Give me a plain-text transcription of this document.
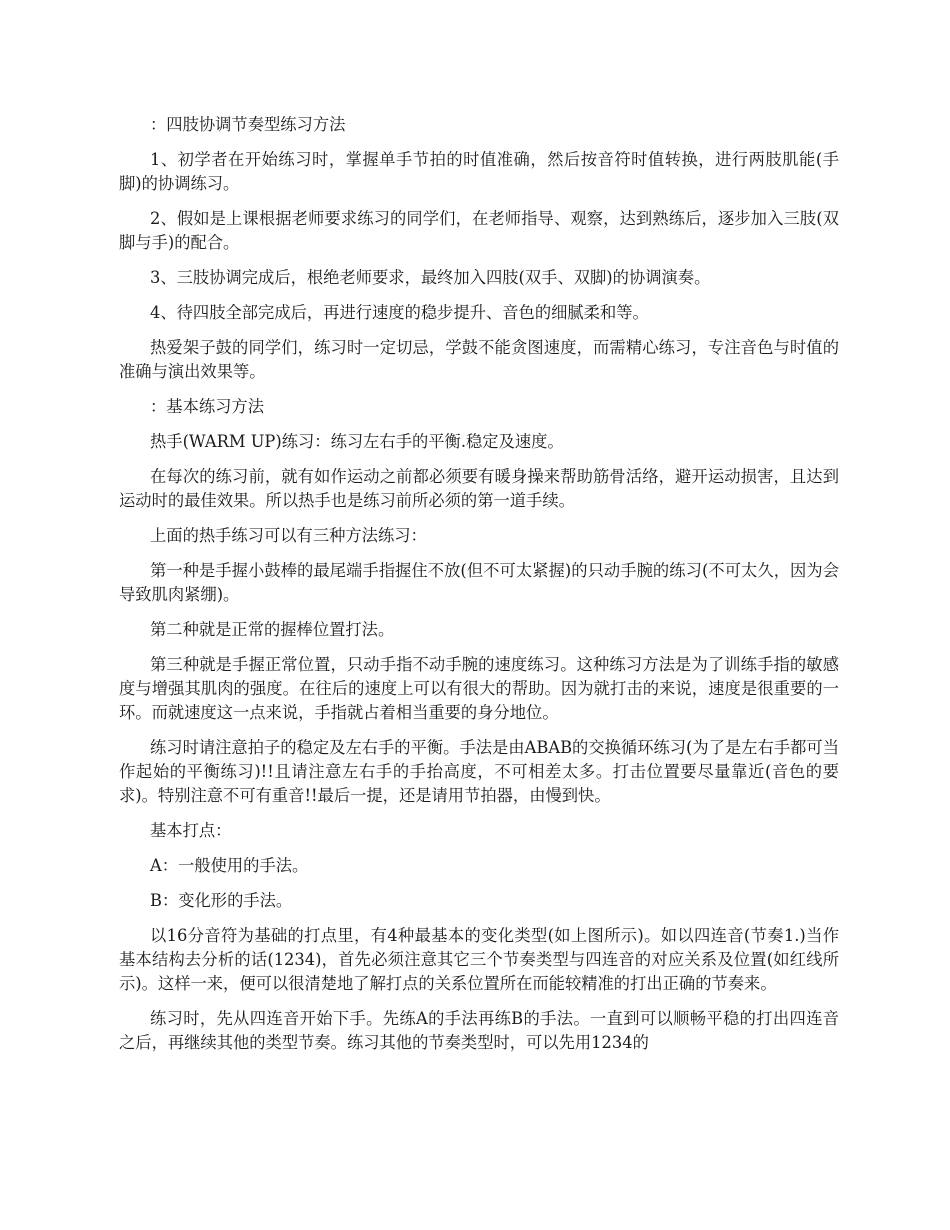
：四肢协调节奏型练习方法

1、初学者在开始练习时，掌握单手节拍的时值准确，然后按音符时值转换，进行两肢肌能(手脚)的协调练习。

2、假如是上课根据老师要求练习的同学们，在老师指导、观察，达到熟练后，逐步加入三肢(双脚与手)的配合。

3、三肢协调完成后，根绝老师要求，最终加入四肢(双手、双脚)的协调演奏。

4、待四肢全部完成后，再进行速度的稳步提升、音色的细腻柔和等。

热爱架子鼓的同学们，练习时一定切忌，学鼓不能贪图速度，而需精心练习，专注音色与时值的准确与演出效果等。

：基本练习方法

热手(WARM UP)练习：练习左右手的平衡.稳定及速度。

在每次的练习前，就有如作运动之前都必须要有暖身操来帮助筋骨活络，避开运动损害，且达到运动时的最佳效果。所以热手也是练习前所必须的第一道手续。

上面的热手练习可以有三种方法练习：

第一种是手握小鼓棒的最尾端手指握住不放(但不可太紧握)的只动手腕的练习(不可太久，因为会导致肌肉紧绷)。

第二种就是正常的握棒位置打法。

第三种就是手握正常位置，只动手指不动手腕的速度练习。这种练习方法是为了训练手指的敏感度与增强其肌肉的强度。在往后的速度上可以有很大的帮助。因为就打击的来说，速度是很重要的一环。而就速度这一点来说，手指就占着相当重要的身分地位。

练习时请注意拍子的稳定及左右手的平衡。手法是由ABAB的交换循环练习(为了是左右手都可当作起始的平衡练习)!!且请注意左右手的手抬高度，不可相差太多。打击位置要尽量靠近(音色的要求)。特别注意不可有重音!!最后一提，还是请用节拍器，由慢到快。

基本打点：

A：一般使用的手法。

B：变化形的手法。

以16分音符为基础的打点里，有4种最基本的变化类型(如上图所示)。如以四连音(节奏1.)当作基本结构去分析的话(1234)，首先必须注意其它三个节奏类型与四连音的对应关系及位置(如红线所示)。这样一来，便可以很清楚地了解打点的关系位置所在而能较精准的打出正确的节奏来。

练习时，先从四连音开始下手。先练A的手法再练B的手法。一直到可以顺畅平稳的打出四连音之后，再继续其他的类型节奏。练习其他的节奏类型时，可以先用1234的
